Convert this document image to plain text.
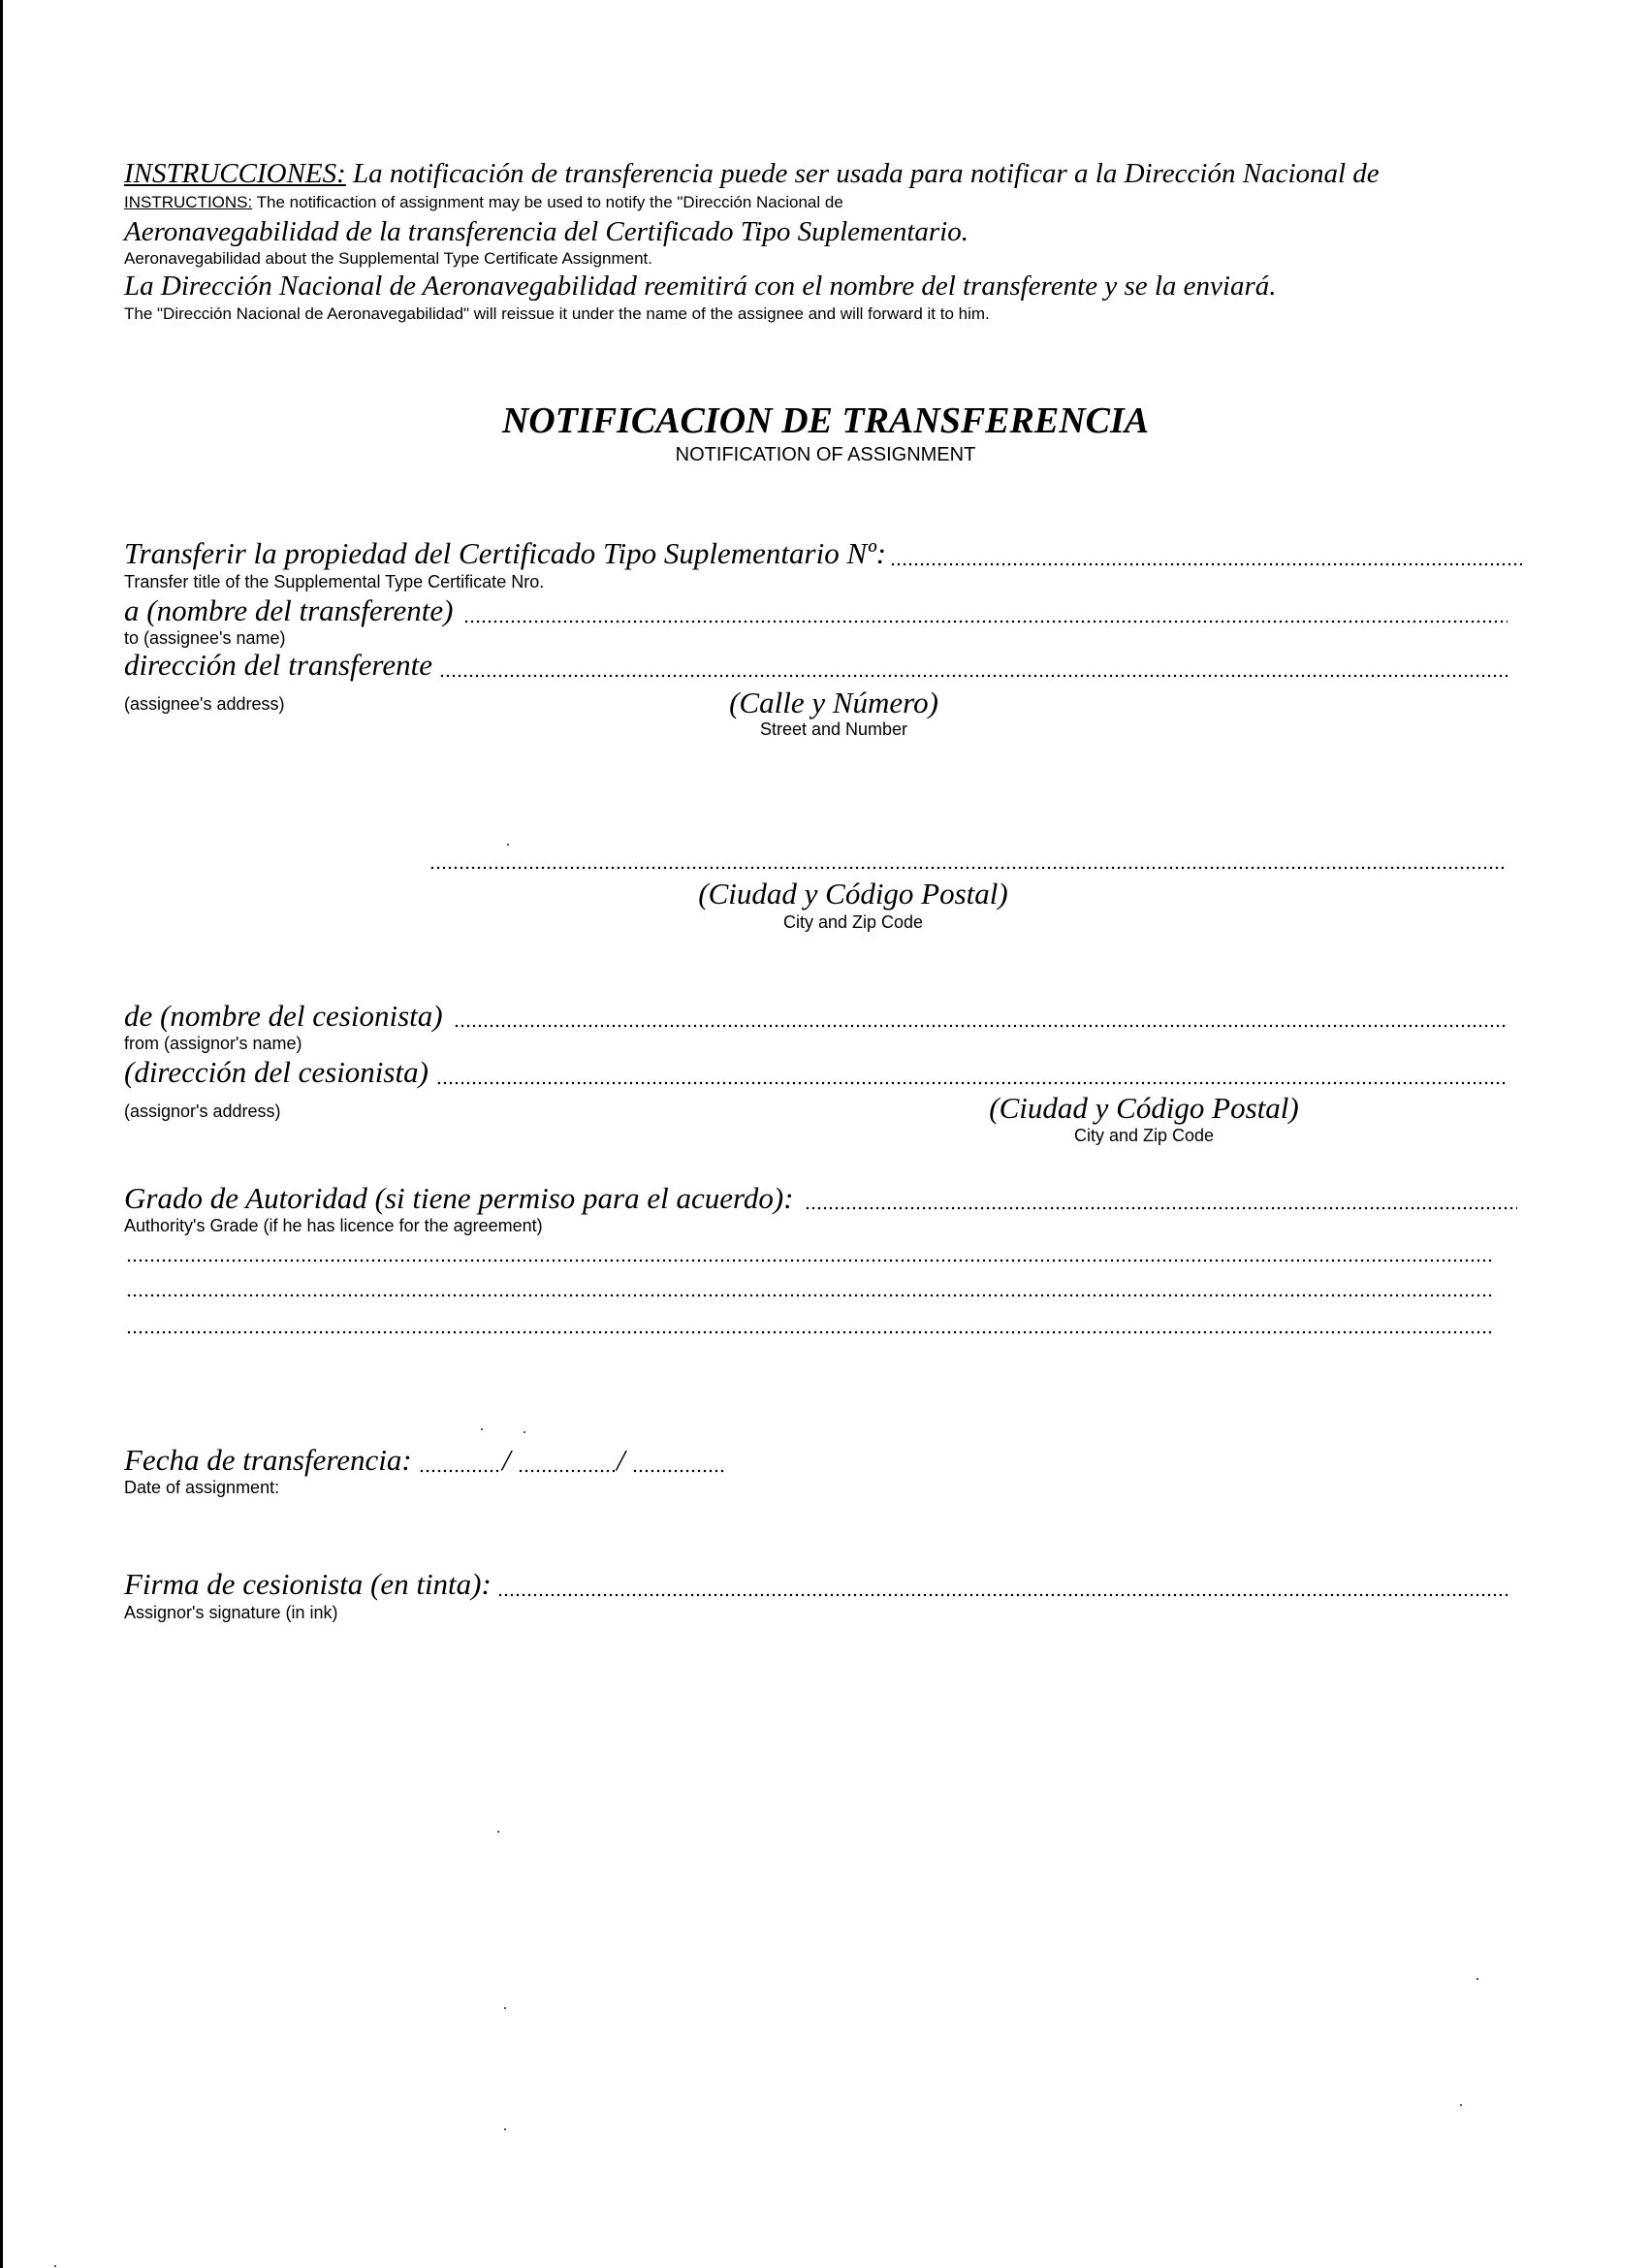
INSTRUCCIONES: La notificación de transferencia puede ser usada para notificar a la Dirección Nacional de
INSTRUCTIONS: The notificaction of assignment may be used to notify the "Dirección Nacional de
Aeronavegabilidad de la transferencia del Certificado Tipo Suplementario.
Aeronavegabilidad about the Supplemental Type Certificate Assignment.
La Dirección Nacional de Aeronavegabilidad reemitirá con el nombre del transferente y se la enviará.
The "Dirección Nacional de Aeronavegabilidad" will reissue it under the name of the assignee and will forward it to him.
NOTIFICACION DE TRANSFERENCIA
NOTIFICATION OF ASSIGNMENT
Transferir la propiedad del Certificado Tipo Suplementario Nº:
Transfer title of the Supplemental Type Certificate Nro.
a (nombre del transferente)
to (assignee's name)
dirección del transferente
(assignee's address)	(Calle y Número)
Street and Number
(Ciudad y Código Postal)
City and Zip Code
de (nombre del cesionista)
from (assignor's name)
(dirección del cesionista)
(assignor's address)	(Ciudad y Código Postal)
City and Zip Code
Grado de Autoridad (si tiene permiso para el acuerdo):
Authority's Grade (if he has licence for the agreement)
Fecha de transferencia:	/	/
Date of assignment:
Firma de cesionista (en tinta):
Assignor's signature (in ink)
